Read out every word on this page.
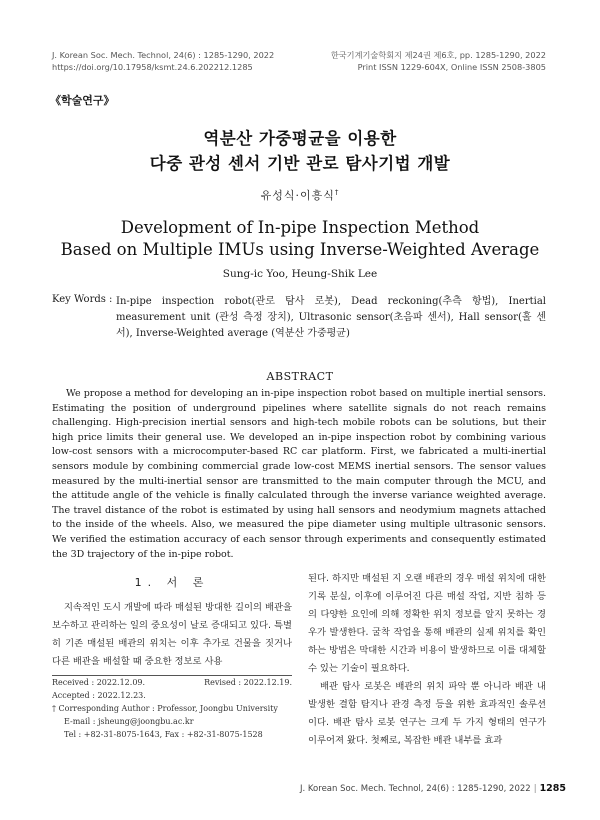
J. Korean Soc. Mech. Technol, 24(6) : 1285-1290, 2022
https://doi.org/10.17958/ksmt.24.6.202212.1285
한국기계기술학회지 제24권 제6호, pp. 1285-1290, 2022
Print ISSN 1229-604X, Online ISSN 2508-3805
《학술연구》
역분산 가중평균을 이용한
다중 관성 센서 기반 관로 탐사기법 개발
유성식·이흥식†
Development of In-pipe Inspection Method
Based on Multiple IMUs using Inverse-Weighted Average
Sung-ic Yoo, Heung-Shik Lee
Key Words : In-pipe inspection robot(관로 탐사 로봇), Dead reckoning(추측 항법), Inertial measurement unit (관성 측정 장치), Ultrasonic sensor(초음파 센서), Hall sensor(홀 센서), Inverse-Weighted average (역분산 가중평균)
ABSTRACT

We propose a method for developing an in-pipe inspection robot based on multiple inertial sensors. Estimating the position of underground pipelines where satellite signals do not reach remains challenging. High-precision inertial sensors and high-tech mobile robots can be solutions, but their high price limits their general use. We developed an in-pipe inspection robot by combining various low-cost sensors with a microcomputer-based RC car platform. First, we fabricated a multi-inertial sensors module by combining commercial grade low-cost MEMS inertial sensors. The sensor values measured by the multi-inertial sensor are transmitted to the main computer through the MCU, and the attitude angle of the vehicle is finally calculated through the inverse variance weighted average. The travel distance of the robot is estimated by using hall sensors and neodymium magnets attached to the inside of the wheels. Also, we measured the pipe diameter using multiple ultrasonic sensors. We verified the estimation accuracy of each sensor through experiments and consequently estimated the 3D trajectory of the in-pipe robot.

1. 서 론

지속적인 도시 개발에 따라 매설된 방대한 길이의 배관을 보수하고 관리하는 일의 중요성이 날로 증대되고 있다. 특별히 기존 매설된 배관의 위치는 이후 추가로 건물을 짓거나 다른 배관을 배설할 때 중요한 정보로 사용

Received : 2022.12.09.	Revised : 2022.12.19.
Accepted : 2022.12.23.
† Corresponding Author : Professor, Joongbu University
E-mail : jsheung@joongbu.ac.kr
Tel : +82-31-8075-1643, Fax : +82-31-8075-1528

된다. 하지만 매설된 지 오랜 배관의 경우 매설 위치에 대한 기록 분실, 이후에 이루어진 다른 매설 작업, 지반 침하 등의 다양한 요인에 의해 정확한 위치 정보를 알지 못하는 경우가 발생한다. 굴착 작업을 통해 배관의 실제 위치를 확인 하는 방법은 막대한 시간과 비용이 발생하므로 이를 대체할 수 있는 기술이 필요하다.

배관 탐사 로봇은 배관의 위치 파악 뿐 아니라 배관 내 발생한 결함 탐지나 관경 측정 등을 위한 효과적인 솔루션이다. 배관 탐사 로봇 연구는 크게 두 가지 형태의 연구가 이루어져 왔다. 첫째로, 복잡한 배관 내부를 효과

J. Korean Soc. Mech. Technol, 24(6) : 1285-1290, 2022 | 1285
